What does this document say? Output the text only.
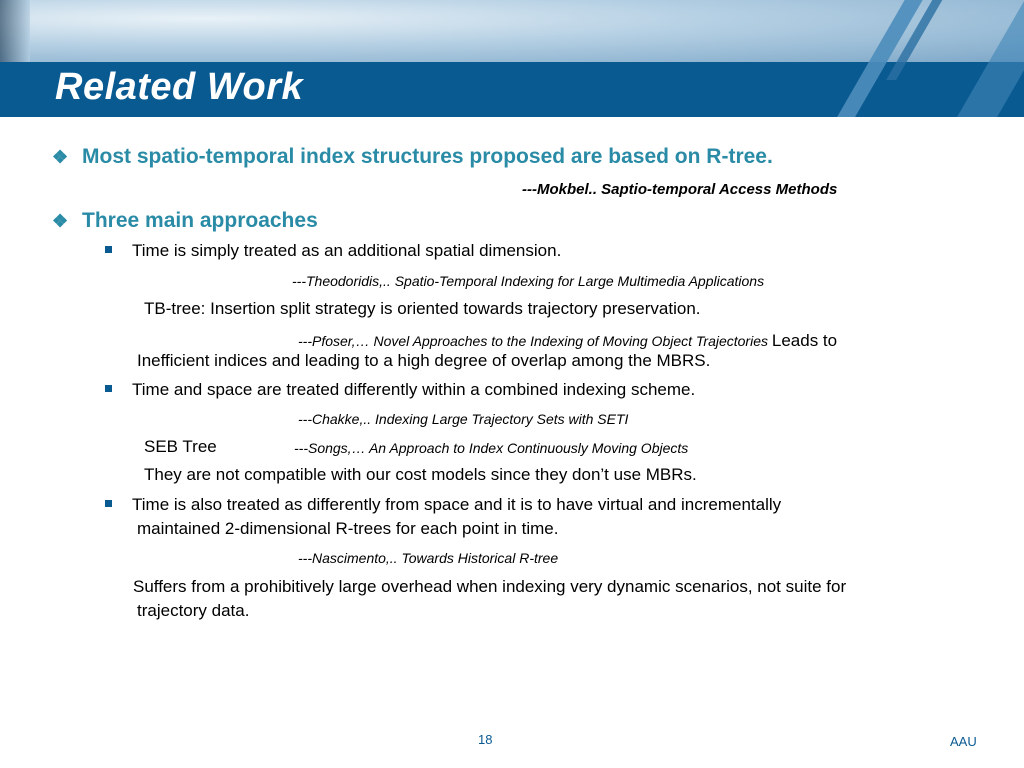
Related Work
❖ Most spatio-temporal index structures proposed are based on R-tree.
---Mokbel.. Saptio-temporal Access Methods
❖ Three main approaches
Time is simply treated as an additional spatial dimension.
---Theodoridis,.. Spatio-Temporal Indexing for Large Multimedia Applications
TB-tree: Insertion split strategy is oriented towards trajectory preservation.
---Pfoser,… Novel Approaches to the Indexing of Moving Object Trajectories Leads to
Inefficient indices and leading to a high degree of overlap among the MBRS.
Time and space are treated differently within a combined indexing scheme.
---Chakke,.. Indexing Large Trajectory Sets with SETI
SEB Tree	---Songs,… An Approach to Index Continuously Moving Objects
They are not compatible with our cost models since they don’t use MBRs.
Time is also treated as differently from space and it is to have virtual and incrementally
maintained 2-dimensional R-trees for each point in time.
---Nascimento,.. Towards Historical R-tree
Suffers from a prohibitively large overhead when indexing very dynamic scenarios, not suite for
trajectory data.
18	AAU
